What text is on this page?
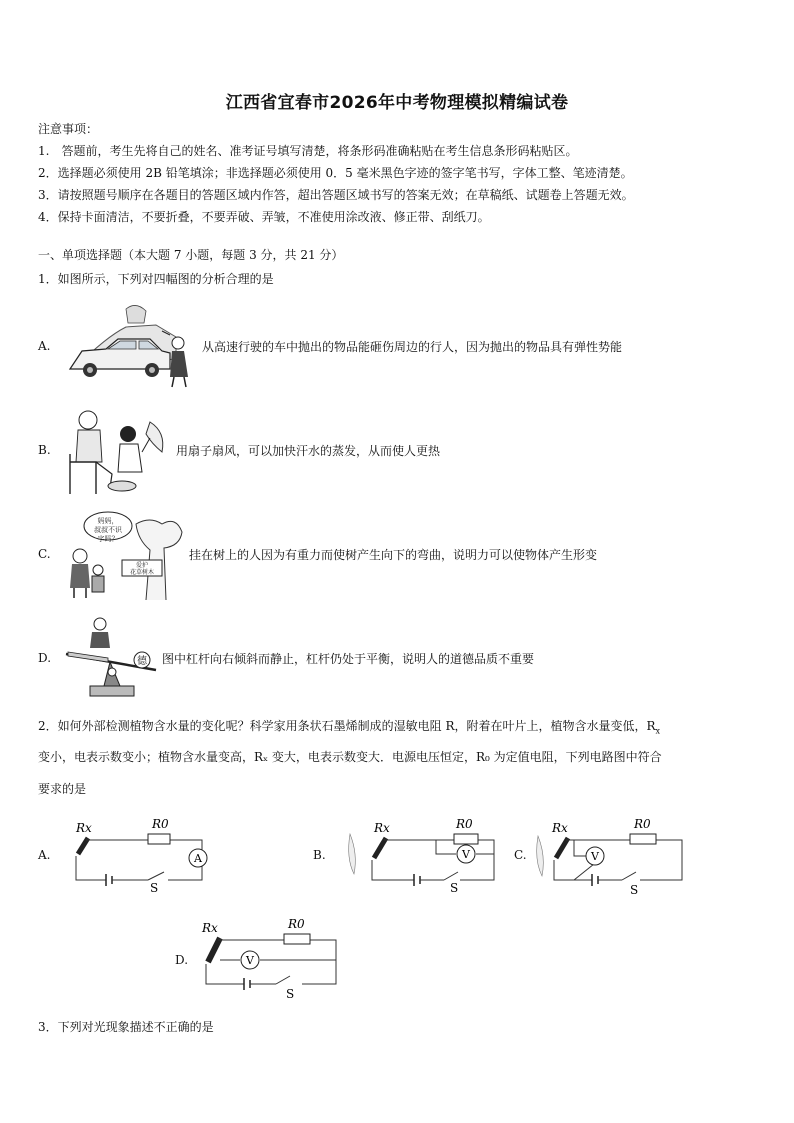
江西省宜春市2026年中考物理模拟精编试卷
注意事项：
1.　答题前，考生先将自己的姓名、准考证号填写清楚，将条形码准确粘贴在考生信息条形码粘贴区。
2．选择题必须使用 2B 铅笔填涂；非选择题必须使用 0．5 毫米黑色字迹的签字笔书写，字体工整、笔迹清楚。
3．请按照题号顺序在各题目的答题区域内作答，超出答题区域书写的答案无效；在草稿纸、试题卷上答题无效。
4．保持卡面清洁，不要折叠，不要弄破、弄皱，不准使用涂改液、修正带、刮纸刀。
一、单项选择题（本大题 7 小题，每题 3 分，共 21 分）
1．如图所示，下列对四幅图的分析合理的是
A.	从高速行驶的车中抛出的物品能砸伤周边的行人，因为抛出的物品具有弹性势能
B.	用扇子扇风，可以加快汗水的蒸发，从而使人更热
C.
妈妈，
叔叔不识
字吗？
爱护
花草树木
挂在树上的人因为有重力而使树产生向下的弯曲，说明力可以使物体产生形变
D.	德 图中杠杆向右倾斜而静止，杠杆仍处于平衡，说明人的道德品质不重要
2．如何外部检测植物含水量的变化呢？科学家用条状石墨烯制成的湿敏电阻 R，附着在叶片上，植物含水量变低，$R_x$
变小，电表示数变小；植物含水量变高，Rₓ 变大，电表示数变大．电源电压恒定，R₀ 为定值电阻，下列电路图中符合
要求的是
A.
Rx	R0
A
S
B.
Rx	R0
V
S
C.
Rx	R0
V
S
D.
Rx	R0
V
S
3．下列对光现象描述不正确的是
